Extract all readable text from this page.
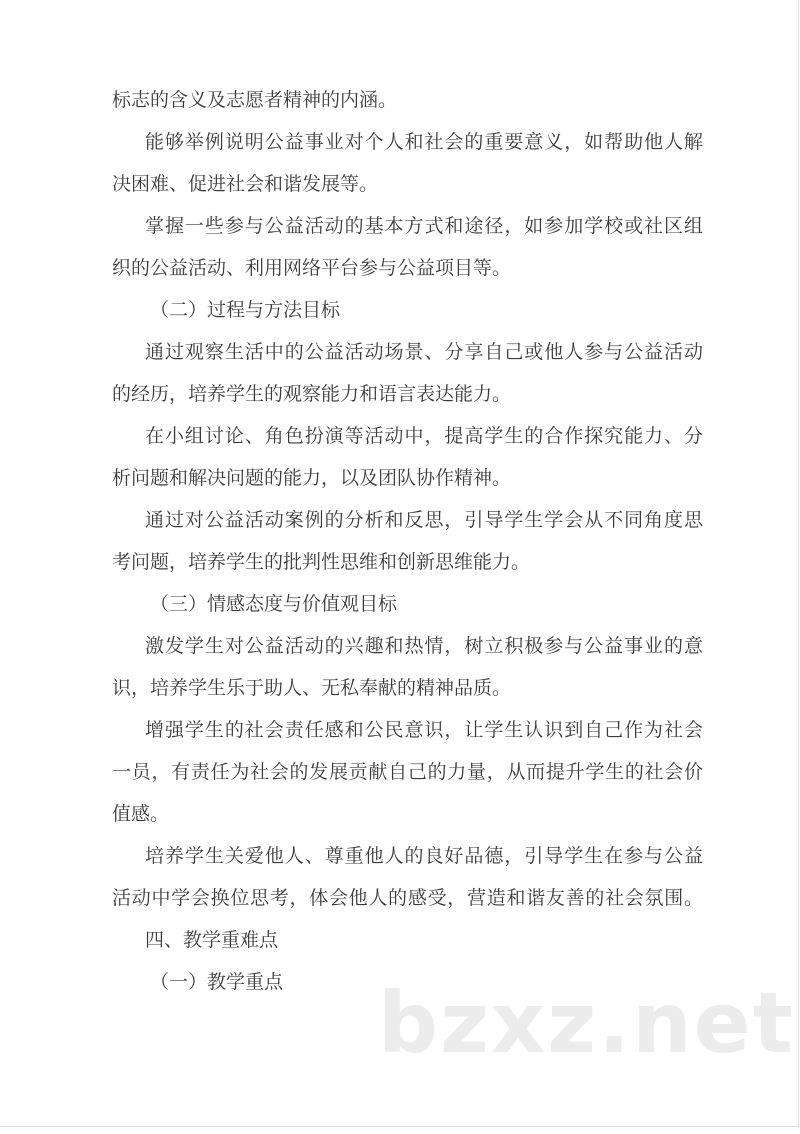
标志的含义及志愿者精神的内涵。
能够举例说明公益事业对个人和社会的重要意义，如帮助他人解
决困难、促进社会和谐发展等。
掌握一些参与公益活动的基本方式和途径，如参加学校或社区组
织的公益活动、利用网络平台参与公益项目等。
（二）过程与方法目标
通过观察生活中的公益活动场景、分享自己或他人参与公益活动
的经历，培养学生的观察能力和语言表达能力。
在小组讨论、角色扮演等活动中，提高学生的合作探究能力、分
析问题和解决问题的能力，以及团队协作精神。
通过对公益活动案例的分析和反思，引导学生学会从不同角度思
考问题，培养学生的批判性思维和创新思维能力。
（三）情感态度与价值观目标
激发学生对公益活动的兴趣和热情，树立积极参与公益事业的意
识，培养学生乐于助人、无私奉献的精神品质。
增强学生的社会责任感和公民意识，让学生认识到自己作为社会
一员，有责任为社会的发展贡献自己的力量，从而提升学生的社会价
值感。
培养学生关爱他人、尊重他人的良好品德，引导学生在参与公益
活动中学会换位思考，体会他人的感受，营造和谐友善的社会氛围。
四、教学重难点
（一）教学重点	bzxz.net
